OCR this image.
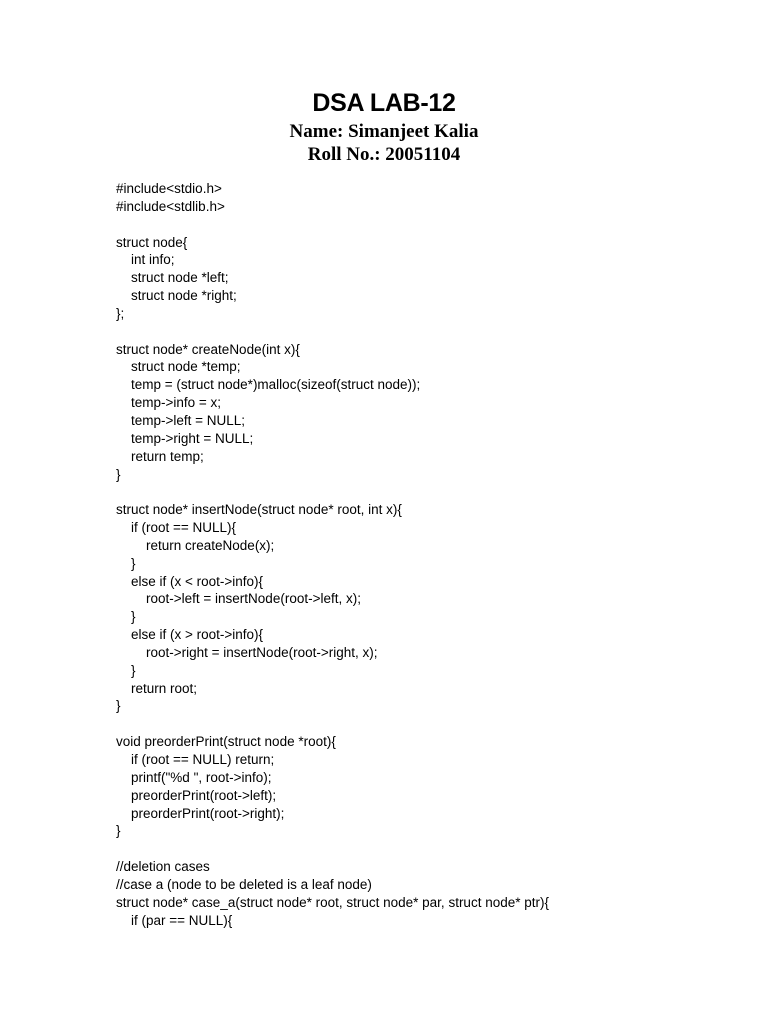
DSA LAB-12
Name: Simanjeet Kalia
Roll No.: 20051104
#include<stdio.h>
#include<stdlib.h>
struct node{
int info;
struct node *left;
struct node *right;
};
struct node* createNode(int x){
struct node *temp;
temp = (struct node*)malloc(sizeof(struct node));
temp->info = x;
temp->left = NULL;
temp->right = NULL;
return temp;
}
struct node* insertNode(struct node* root, int x){
if (root == NULL){
return createNode(x);
}
else if (x < root->info){
root->left = insertNode(root->left, x);
}
else if (x > root->info){
root->right = insertNode(root->right, x);
}
return root;
}
void preorderPrint(struct node *root){
if (root == NULL) return;
printf("%d ", root->info);
preorderPrint(root->left);
preorderPrint(root->right);
}
//deletion cases
//case a (node to be deleted is a leaf node)
struct node* case_a(struct node* root, struct node* par, struct node* ptr){
if (par == NULL){
